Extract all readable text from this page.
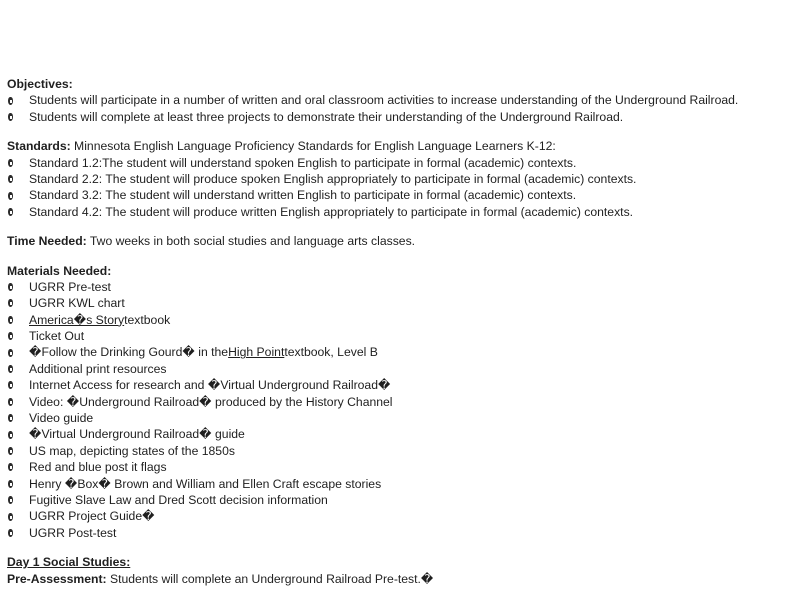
Objectives:
Students will participate in a number of written and oral classroom activities to increase understanding of the Underground Railroad.
Students will complete at least three projects to demonstrate their understanding of the Underground Railroad.
Standards: Minnesota English Language Proficiency Standards for English Language Learners K-12:
Standard 1.2:The student will understand spoken English to participate in formal (academic) contexts.
Standard 2.2: The student will produce spoken English appropriately to participate in formal (academic) contexts.
Standard 3.2: The student will understand written English to participate in formal (academic) contexts.
Standard 4.2: The student will produce written English appropriately to participate in formal (academic) contexts.
Time Needed: Two weeks in both social studies and language arts classes.
Materials Needed:
UGRR Pre-test
UGRR KWL chart
America�s Story textbook
Ticket Out
�Follow the Drinking Gourd� in the High Point textbook, Level B
Additional print resources
Internet Access for research and �Virtual Underground Railroad�
Video: �Underground Railroad� produced by the History Channel
Video guide
�Virtual Underground Railroad� guide
US map, depicting states of the 1850s
Red and blue post it flags
Henry �Box� Brown and William and Ellen Craft escape stories
Fugitive Slave Law and Dred Scott decision information
UGRR Project Guide�
UGRR Post-test
Day 1 Social Studies:
Pre-Assessment: Students will complete an Underground Railroad Pre-test.�
